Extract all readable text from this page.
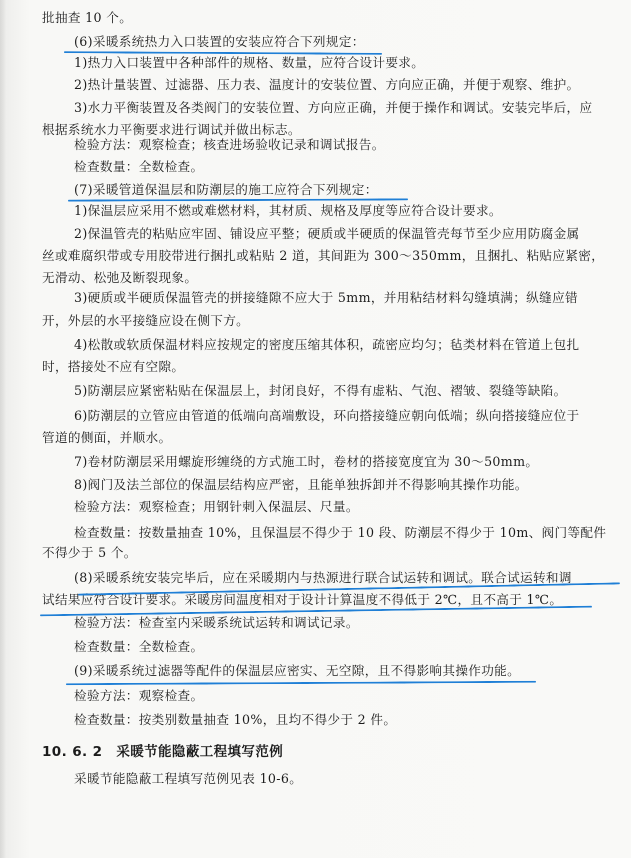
批抽查 10 个。
(6)采暖系统热力入口装置的安装应符合下列规定：
1)热力入口装置中各种部件的规格、数量，应符合设计要求。
2)热计量装置、过滤器、压力表、温度计的安装位置、方向应正确，并便于观察、维护。
3)水力平衡装置及各类阀门的安装位置、方向应正确，并便于操作和调试。安装完毕后，应
根据系统水力平衡要求进行调试并做出标志。
检验方法：观察检查；核查进场验收记录和调试报告。
检查数量：全数检查。
(7)采暖管道保温层和防潮层的施工应符合下列规定：
1)保温层应采用不燃或难燃材料，其材质、规格及厚度等应符合设计要求。
2)保温管壳的粘贴应牢固、铺设应平整；硬质或半硬质的保温管壳每节至少应用防腐金属
丝或难腐织带或专用胶带进行捆扎或粘贴 2 道，其间距为 300～350mm，且捆扎、粘贴应紧密，
无滑动、松弛及断裂现象。
3)硬质或半硬质保温管壳的拼接缝隙不应大于 5mm，并用粘结材料勾缝填满；纵缝应错
开，外层的水平接缝应设在侧下方。
4)松散或软质保温材料应按规定的密度压缩其体积，疏密应均匀；毡类材料在管道上包扎
时，搭接处不应有空隙。
5)防潮层应紧密粘贴在保温层上，封闭良好，不得有虚粘、气泡、褶皱、裂缝等缺陷。
6)防潮层的立管应由管道的低端向高端敷设，环向搭接缝应朝向低端；纵向搭接缝应位于
管道的侧面，并顺水。
7)卷材防潮层采用螺旋形缠绕的方式施工时，卷材的搭接宽度宜为 30～50mm。
8)阀门及法兰部位的保温层结构应严密，且能单独拆卸并不得影响其操作功能。
检验方法：观察检查；用钢针刺入保温层、尺量。
检查数量：按数量抽查 10%，且保温层不得少于 10 段、防潮层不得少于 10m、阀门等配件
不得少于 5 个。
(8)采暖系统安装完毕后，应在采暖期内与热源进行联合试运转和调试。联合试运转和调
试结果应符合设计要求。采暖房间温度相对于设计计算温度不得低于 2℃，且不高于 1℃。
检验方法：检查室内采暖系统试运转和调试记录。
检查数量：全数检查。
(9)采暖系统过滤器等配件的保温层应密实、无空隙，且不得影响其操作功能。
检验方法：观察检查。
检查数量：按类别数量抽查 10%，且均不得少于 2 件。
10. 6. 2　采暖节能隐蔽工程填写范例
采暖节能隐蔽工程填写范例见表 10-6。
